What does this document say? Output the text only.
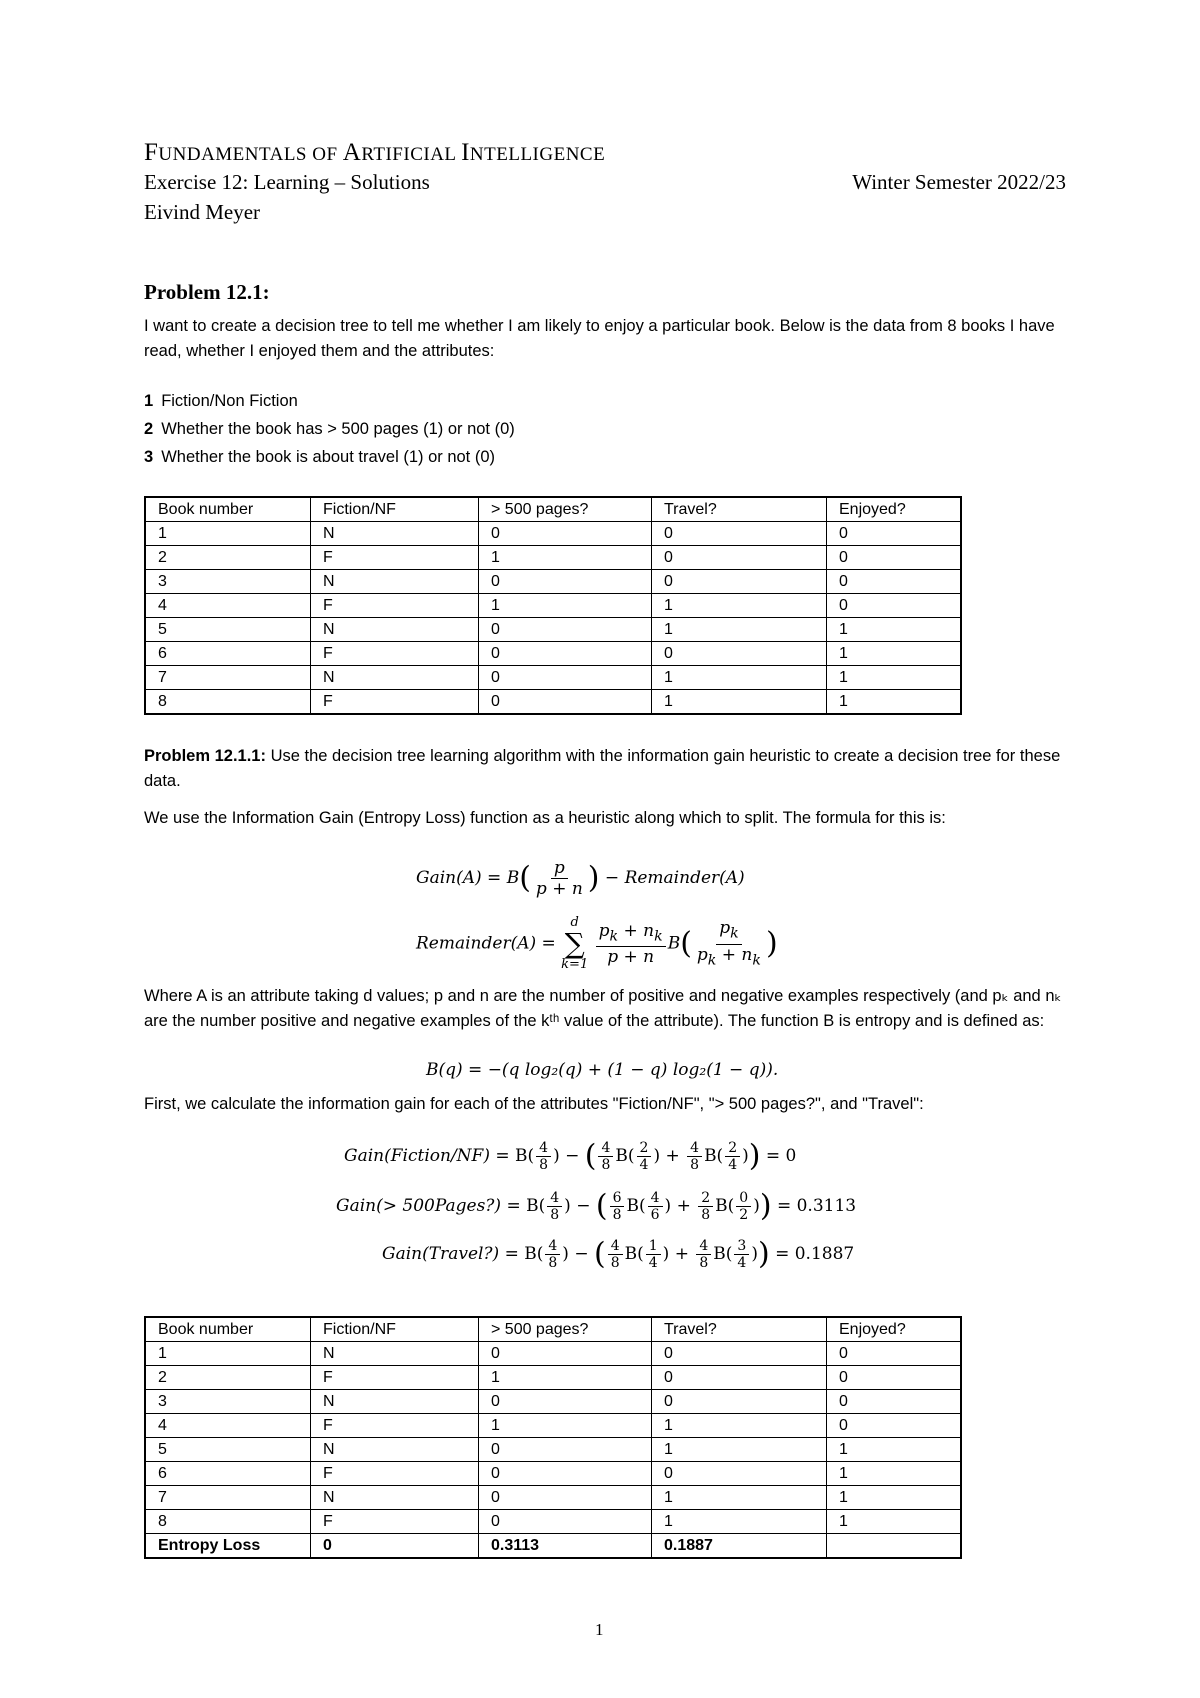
FUNDAMENTALS OF ARTIFICIAL INTELLIGENCE
Exercise 12: Learning – Solutions	Winter Semester 2022/23
Eivind Meyer
Problem 12.1:
I want to create a decision tree to tell me whether I am likely to enjoy a particular book. Below is the data from 8 books I have read, whether I enjoyed them and the attributes:
1 Fiction/Non Fiction
2 Whether the book has > 500 pages (1) or not (0)
3 Whether the book is about travel (1) or not (0)
Book number	Fiction/NF	> 500 pages?	Travel?	Enjoyed?
1	N	0	0	0
2	F	1	0	0
3	N	0	0	0
4	F	1	1	0
5	N	0	1	1
6	F	0	0	1
7	N	0	1	1
8	F	0	1	1
Problem 12.1.1: Use the decision tree learning algorithm with the information gain heuristic to create a decision tree for these data.
We use the Information Gain (Entropy Loss) function as a heuristic along which to split. The formula for this is:
Gain(A) = $B( \frac{p}{p + n}$ ) − Remainder(A)
Remainder(A) =
d
∑
k=1
$\frac{p_k + n_k}{p + n} B( \frac{p_k}{p_k + n_k}$ )
Where A is an attribute taking d values; p and n are the number of positive and negative examples respectively (and pₖ and nₖ are the number positive and negative examples of the kᵗʰ value of the attribute). The function B is entropy and is defined as:
B(q) = −(q log₂(q) + (1 − q) log₂(1 − q)).
First, we calculate the information gain for each of the attributes "Fiction/NF", "> 500 pages?", and "Travel":
Gain(Fiction/NF) = $B( \frac{4}{8}$ ) − ( $\frac{4}{8} B( \frac{2}{4}$ ) + $\frac{4}{8} B( \frac{2}{4}$ )) = 0
Gain(> 500Pages?) = $B( \frac{4}{8}$ ) − ( $\frac{6}{8} B( \frac{4}{6}$ ) + $\frac{2}{8} B( \frac{0}{2}$ )) = 0.3113
Gain(Travel?) = $B( \frac{4}{8}$ ) − ( $\frac{4}{8} B( \frac{1}{4}$ ) + $\frac{4}{8} B( \frac{3}{4}$ )) = 0.1887
Book number	Fiction/NF	> 500 pages?	Travel?	Enjoyed?
1	N	0	0	0
2	F	1	0	0
3	N	0	0	0
4	F	1	1	0
5	N	0	1	1
6	F	0	0	1
7	N	0	1	1
8	F	0	1	1
Entropy Loss	0	0.3113	0.1887	
1
